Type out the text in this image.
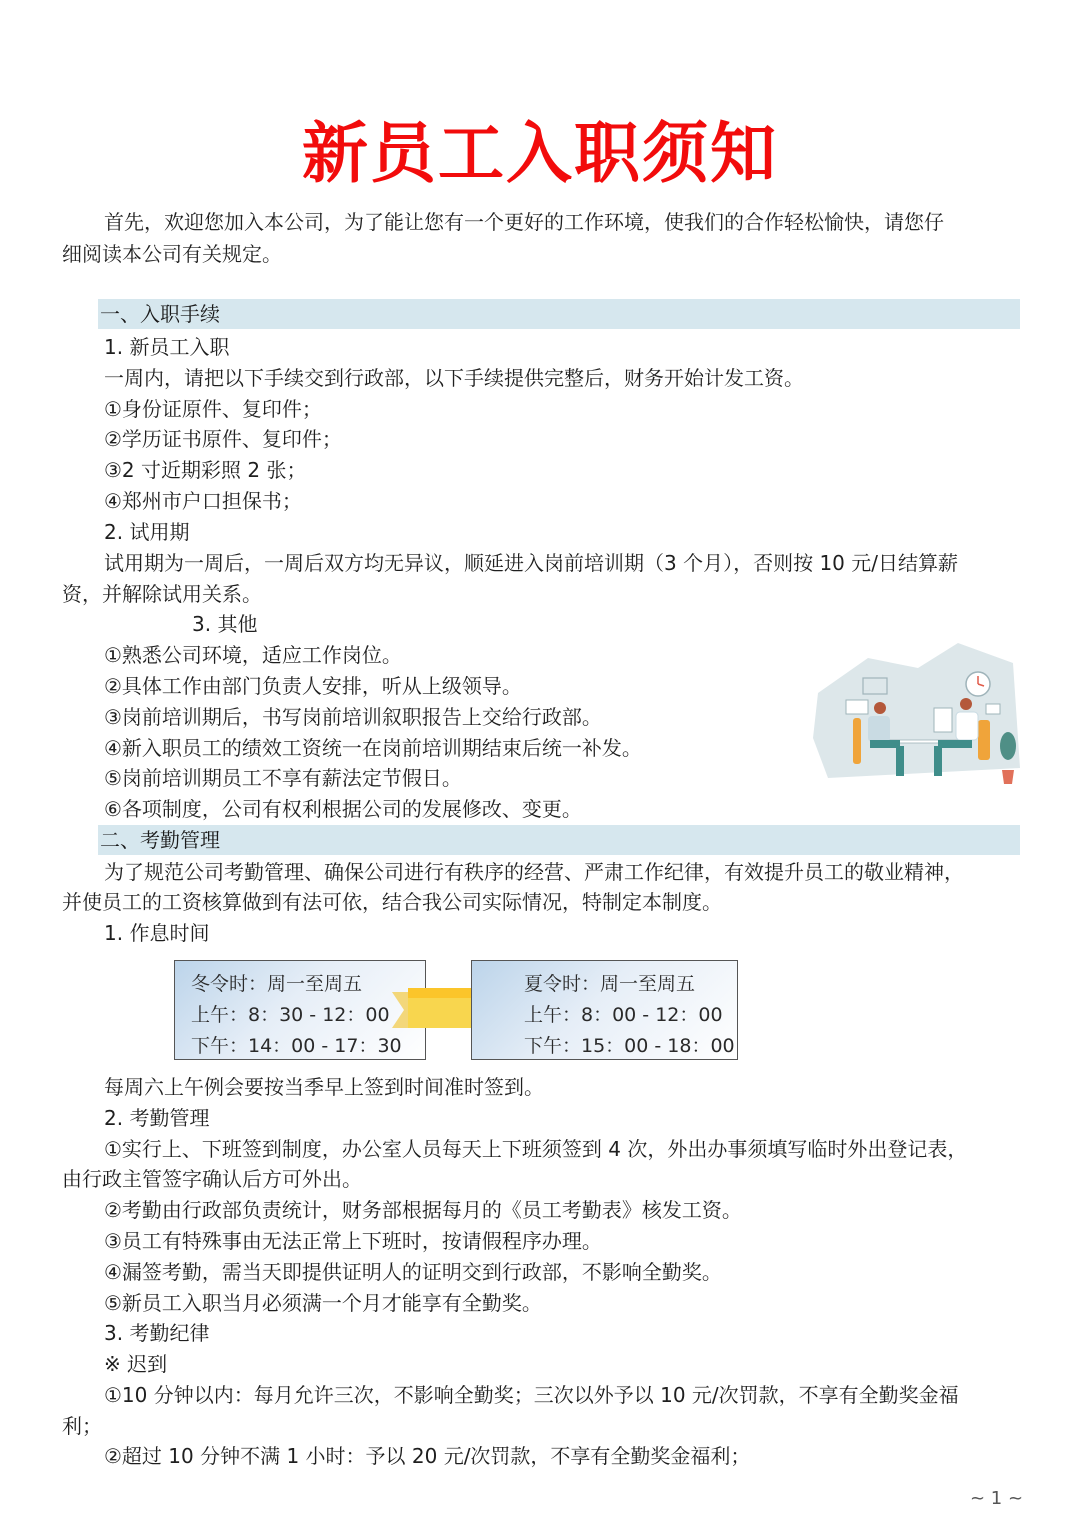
新员工入职须知
首先，欢迎您加入本公司，为了能让您有一个更好的工作环境，使我们的合作轻松愉快，请您仔
细阅读本公司有关规定。
一、入职手续
1. 新员工入职
一周内，请把以下手续交到行政部，以下手续提供完整后，财务开始计发工资。
①身份证原件、复印件；
②学历证书原件、复印件；
③2 寸近期彩照 2 张；
④郑州市户口担保书；
2. 试用期
试用期为一周后，一周后双方均无异议，顺延进入岗前培训期（3 个月），否则按 10 元/日结算薪
资，并解除试用关系。
3. 其他
①熟悉公司环境，适应工作岗位。
②具体工作由部门负责人安排，听从上级领导。
③岗前培训期后，书写岗前培训叙职报告上交给行政部。
④新入职员工的绩效工资统一在岗前培训期结束后统一补发。
⑤岗前培训期员工不享有薪法定节假日。
⑥各项制度，公司有权利根据公司的发展修改、变更。
二、考勤管理
为了规范公司考勤管理、确保公司进行有秩序的经营、严肃工作纪律，有效提升员工的敬业精神，
并使员工的工资核算做到有法可依，结合我公司实际情况，特制定本制度。
1. 作息时间
冬令时：周一至周五
上午：8：30 - 12：00
下午：14：00 - 17：30
夏令时：周一至周五
上午：8：00 - 12：00
下午：15：00 - 18：00
每周六上午例会要按当季早上签到时间准时签到。
2. 考勤管理
①实行上、下班签到制度，办公室人员每天上下班须签到 4 次，外出办事须填写临时外出登记表，
由行政主管签字确认后方可外出。
②考勤由行政部负责统计，财务部根据每月的《员工考勤表》核发工资。
③员工有特殊事由无法正常上下班时，按请假程序办理。
④漏签考勤，需当天即提供证明人的证明交到行政部，不影响全勤奖。
⑤新员工入职当月必须满一个月才能享有全勤奖。
3. 考勤纪律
※ 迟到
①10 分钟以内：每月允许三次，不影响全勤奖；三次以外予以 10 元/次罚款，不享有全勤奖金福
利；
②超过 10 分钟不满 1 小时：予以 20 元/次罚款，不享有全勤奖金福利；
~ 1 ~
